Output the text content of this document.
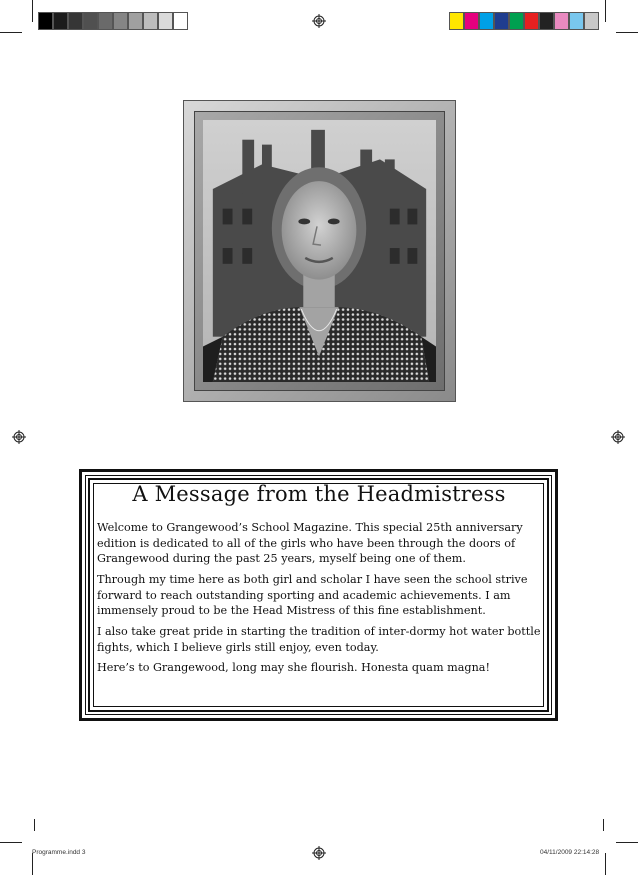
A Message from the Headmistress

Welcome to Grangewood’s School Magazine. This special 25th anniversary edition is dedicated to all of the girls who have been through the doors of Grangewood during the past 25 years, myself being one of them.

Through my time here as both girl and scholar I have seen the school strive forward to reach outstanding sporting and academic achievements. I am immensely proud to be the Head Mistress of this fine establishment.

I also take great pride in starting the tradition of inter-dormy hot water bottle fights, which I believe girls still enjoy, even today.

Here’s to Grangewood, long may she flourish. Honesta quam magna!

Programme.indd 3	04/11/2009 22:14:28
